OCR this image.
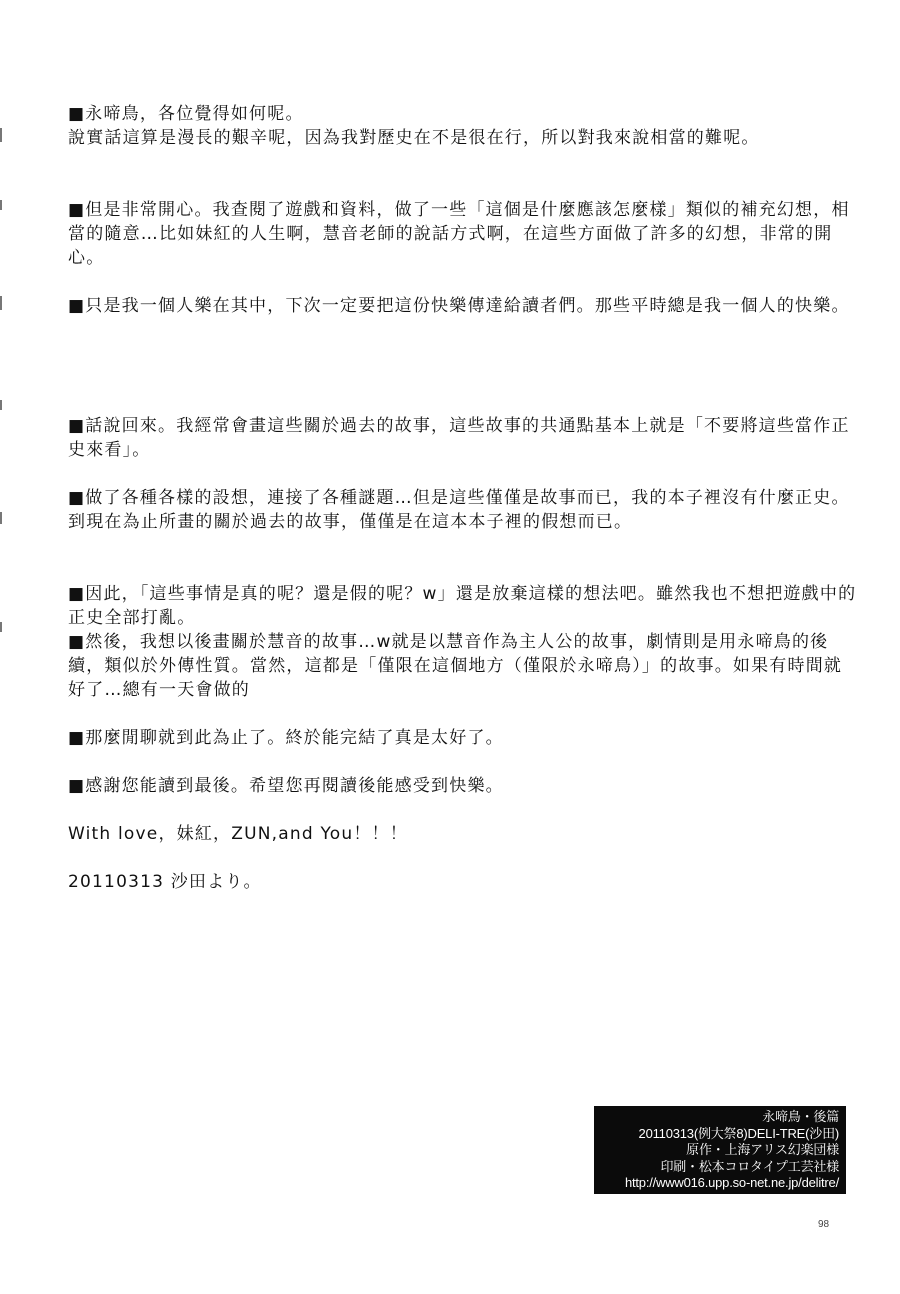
■永啼鳥，各位覺得如何呢。
說實話這算是漫長的艱辛呢，因為我對歷史在不是很在行，所以對我來說相當的難呢。
■但是非常開心。我查閱了遊戲和資料，做了一些「這個是什麼應該怎麼樣」類似的補充幻想，相當的隨意…比如妹紅的人生啊，慧音老師的說話方式啊，在這些方面做了許多的幻想，非常的開心。
■只是我一個人樂在其中，下次一定要把這份快樂傳達給讀者們。那些平時總是我一個人的快樂。
■話說回來。我經常會畫這些關於過去的故事，這些故事的共通點基本上就是「不要將這些當作正史來看」。
■做了各種各樣的設想，連接了各種謎題…但是這些僅僅是故事而已，我的本子裡沒有什麼正史。到現在為止所畫的關於過去的故事，僅僅是在這本本子裡的假想而已。
■因此，「這些事情是真的呢？還是假的呢？w」還是放棄這樣的想法吧。雖然我也不想把遊戲中的正史全部打亂。
■然後，我想以後畫關於慧音的故事…w就是以慧音作為主人公的故事，劇情則是用永啼鳥的後續，類似於外傳性質。當然，這都是「僅限在這個地方（僅限於永啼鳥）」的故事。如果有時間就好了…總有一天會做的
■那麼閒聊就到此為止了。終於能完結了真是太好了。
■感謝您能讀到最後。希望您再閱讀後能感受到快樂。
With love，妹紅，ZUN,and You！！！
20110313 沙田より。
永啼鳥・後篇
20110313(例大祭8)DELI-TRE(沙田)
原作・上海アリス幻楽団様
印刷・松本コロタイプ工芸社様
http://www016.upp.so-net.ne.jp/delitre/
98
